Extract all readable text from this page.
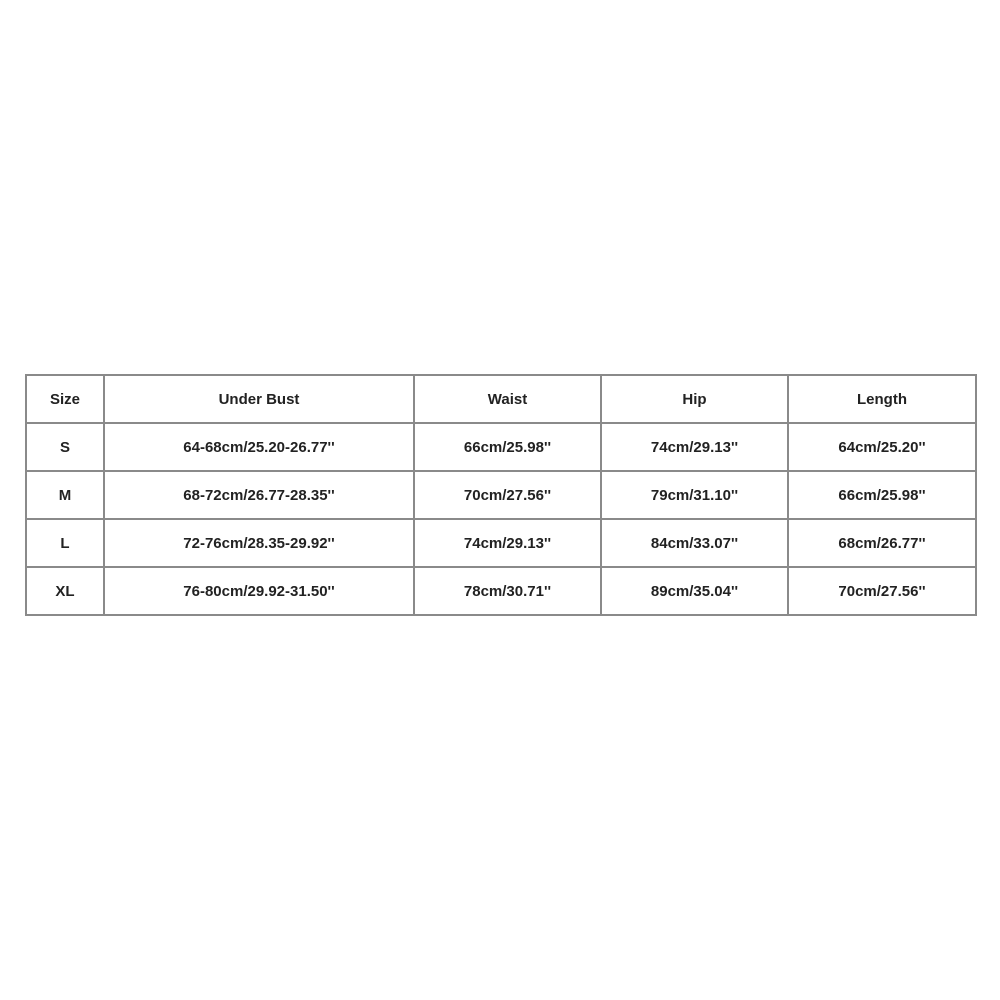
Size	Under Bust	Waist	Hip	Length
S	64-68cm/25.20-26.77''	66cm/25.98''	74cm/29.13''	64cm/25.20''
M	68-72cm/26.77-28.35''	70cm/27.56''	79cm/31.10''	66cm/25.98''
L	72-76cm/28.35-29.92''	74cm/29.13''	84cm/33.07''	68cm/26.77''
XL	76-80cm/29.92-31.50''	78cm/30.71''	89cm/35.04''	70cm/27.56''
